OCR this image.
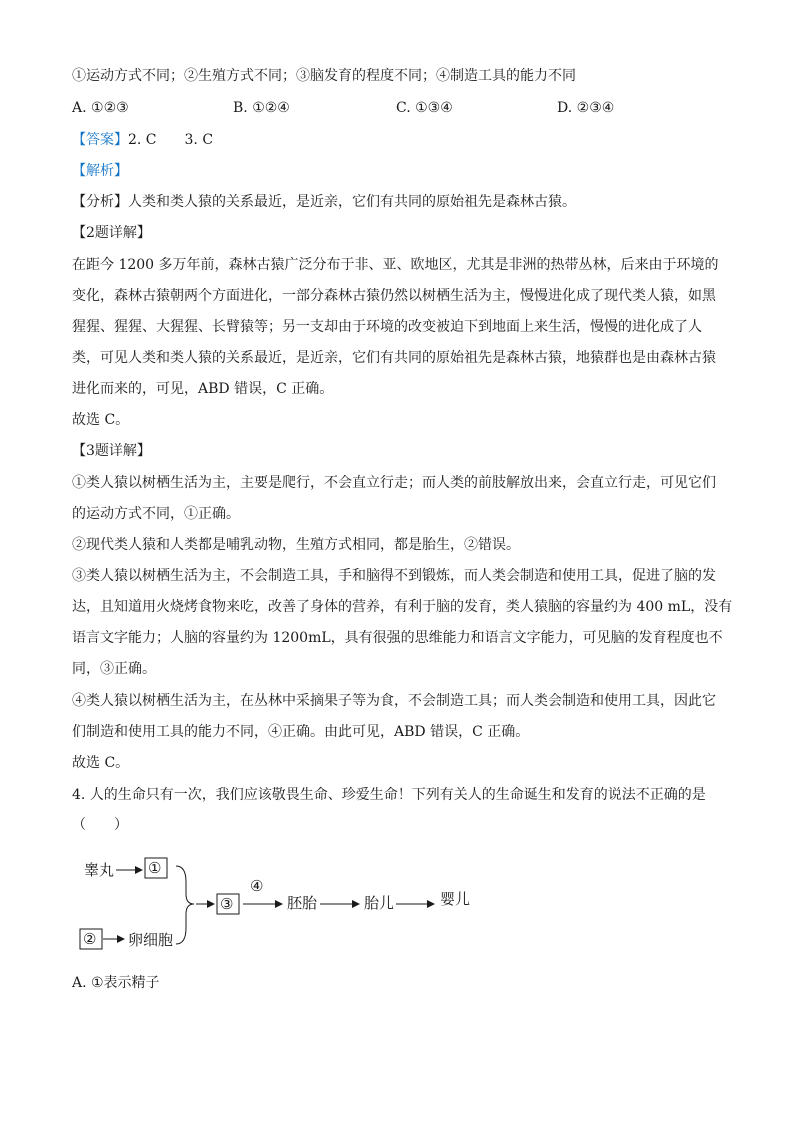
①运动方式不同；②生殖方式不同；③脑发育的程度不同；④制造工具的能力不同
A. ①②③	B. ①②④	C. ①③④	D. ②③④
【答案】2. C　　3. C
【解析】
【分析】人类和类人猿的关系最近，是近亲，它们有共同的原始祖先是森林古猿。
【2题详解】
在距今 1200 多万年前，森林古猿广泛分布于非、亚、欧地区，尤其是非洲的热带丛林，后来由于环境的
变化，森林古猿朝两个方面进化，一部分森林古猿仍然以树栖生活为主，慢慢进化成了现代类人猿，如黑
猩猩、猩猩、大猩猩、长臂猿等；另一支却由于环境的改变被迫下到地面上来生活，慢慢的进化成了人
类，可见人类和类人猿的关系最近，是近亲，它们有共同的原始祖先是森林古猿，地猿群也是由森林古猿
进化而来的，可见，ABD 错误，C 正确。
故选 C。
【3题详解】
①类人猿以树栖生活为主，主要是爬行，不会直立行走；而人类的前肢解放出来，会直立行走，可见它们
的运动方式不同，①正确。
②现代类人猿和人类都是哺乳动物，生殖方式相同，都是胎生，②错误。
③类人猿以树栖生活为主，不会制造工具，手和脑得不到锻炼，而人类会制造和使用工具，促进了脑的发
达，且知道用火烧烤食物来吃，改善了身体的营养，有利于脑的发育，类人猿脑的容量约为 400 mL，没有
语言文字能力；人脑的容量约为 1200mL，具有很强的思维能力和语言文字能力，可见脑的发育程度也不
同，③正确。
④类人猿以树栖生活为主，在丛林中采摘果子等为食，不会制造工具；而人类会制造和使用工具，因此它
们制造和使用工具的能力不同，④正确。由此可见，ABD 错误，C 正确。
故选 C。
4. 人的生命只有一次，我们应该敬畏生命、珍爱生命！下列有关人的生命诞生和发育的说法不正确的是
（　　）
睾丸 ①
② 卵细胞
③
④
胚胎	胎儿	婴儿
A. ①表示精子
